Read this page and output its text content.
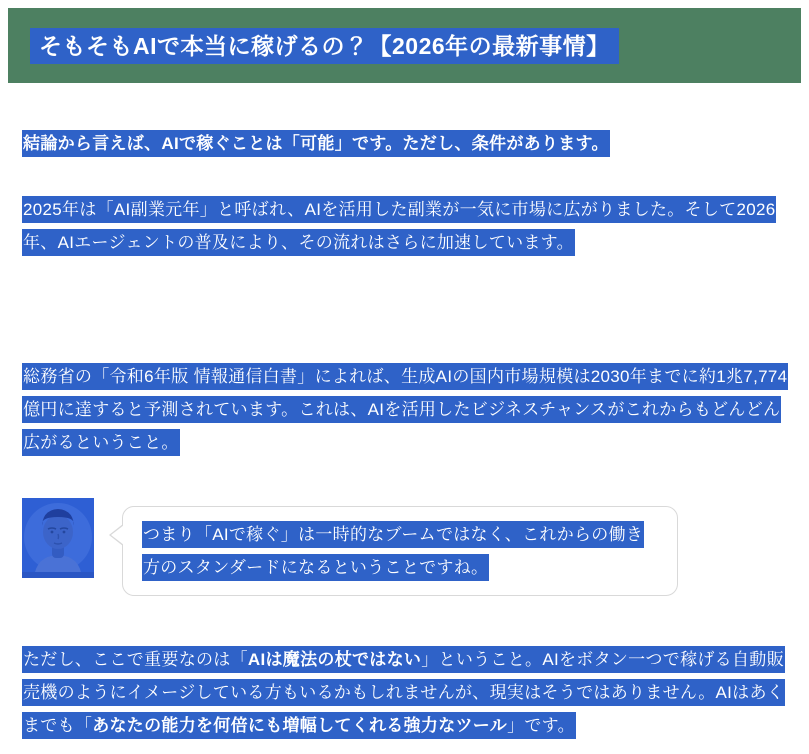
そもそもAIで本当に稼げるの？【2026年の最新事情】

結論から言えば、AIで稼ぐことは「可能」です。ただし、条件があります。

2025年は「AI副業元年」と呼ばれ、AIを活用した副業が一気に市場に広がりました。そして2026年、AIエージェントの普及により、その流れはさらに加速しています。

総務省の「令和6年版 情報通信白書」によれば、生成AIの国内市場規模は2030年までに約1兆7,774億円に達すると予測されています。これは、AIを活用したビジネスチャンスがこれからもどんどん広がるということ。

つまり「AIで稼ぐ」は一時的なブームではなく、これからの働き方のスタンダードになるということですね。

ただし、ここで重要なのは「AIは魔法の杖ではない」ということ。AIをボタン一つで稼げる自動販売機のようにイメージしている方もいるかもしれませんが、現実はそうではありません。AIはあくまでも「あなたの能力を何倍にも増幅してくれる強力なツール」です。
